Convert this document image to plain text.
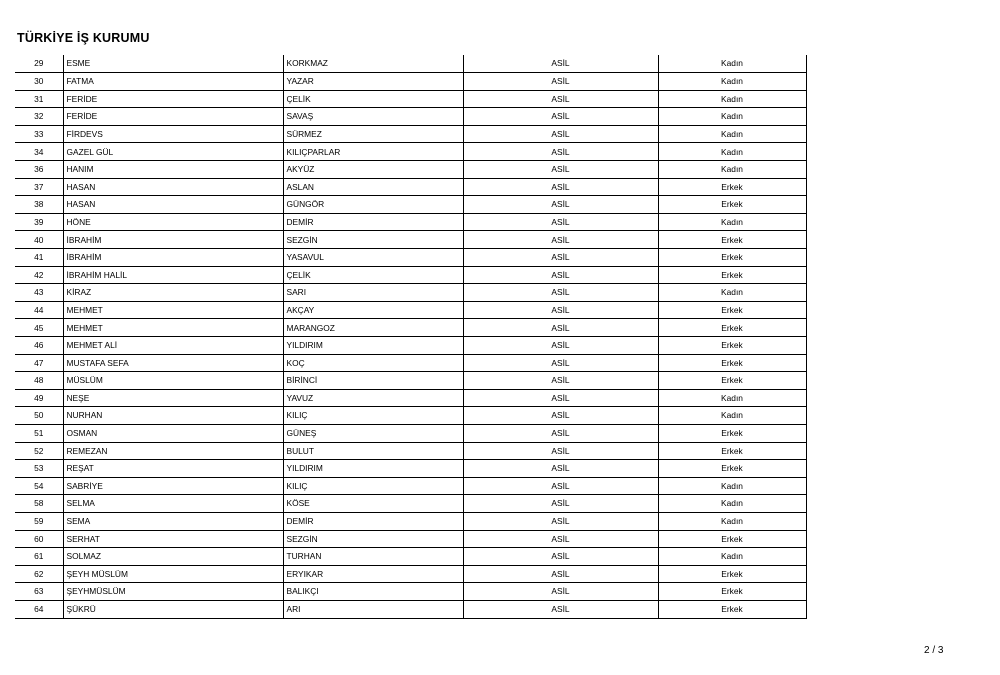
TÜRKİYE İŞ KURUMU
29	ESME	KORKMAZ	ASİL	Kadın
30	FATMA	YAZAR	ASİL	Kadın
31	FERİDE	ÇELİK	ASİL	Kadın
32	FERİDE	SAVAŞ	ASİL	Kadın
33	FİRDEVS	SÜRMEZ	ASİL	Kadın
34	GAZEL GÜL	KILIÇPARLAR	ASİL	Kadın
36	HANIM	AKYÜZ	ASİL	Kadın
37	HASAN	ASLAN	ASİL	Erkek
38	HASAN	GÜNGÖR	ASİL	Erkek
39	HÖNE	DEMİR	ASİL	Kadın
40	İBRAHİM	SEZGİN	ASİL	Erkek
41	İBRAHİM	YASAVUL	ASİL	Erkek
42	İBRAHİM HALİL	ÇELİK	ASİL	Erkek
43	KİRAZ	SARI	ASİL	Kadın
44	MEHMET	AKÇAY	ASİL	Erkek
45	MEHMET	MARANGOZ	ASİL	Erkek
46	MEHMET ALİ	YILDIRIM	ASİL	Erkek
47	MUSTAFA SEFA	KOÇ	ASİL	Erkek
48	MÜSLÜM	BİRİNCİ	ASİL	Erkek
49	NEŞE	YAVUZ	ASİL	Kadın
50	NURHAN	KILIÇ	ASİL	Kadın
51	OSMAN	GÜNEŞ	ASİL	Erkek
52	REMEZAN	BULUT	ASİL	Erkek
53	REŞAT	YILDIRIM	ASİL	Erkek
54	SABRİYE	KILIÇ	ASİL	Kadın
58	SELMA	KÖSE	ASİL	Kadın
59	SEMA	DEMİR	ASİL	Kadın
60	SERHAT	SEZGİN	ASİL	Erkek
61	SOLMAZ	TURHAN	ASİL	Kadın
62	ŞEYH MÜSLÜM	ERYIKAR	ASİL	Erkek
63	ŞEYHMÜSLÜM	BALIKÇI	ASİL	Erkek
64	ŞÜKRÜ	ARI	ASİL	Erkek
2 / 3
